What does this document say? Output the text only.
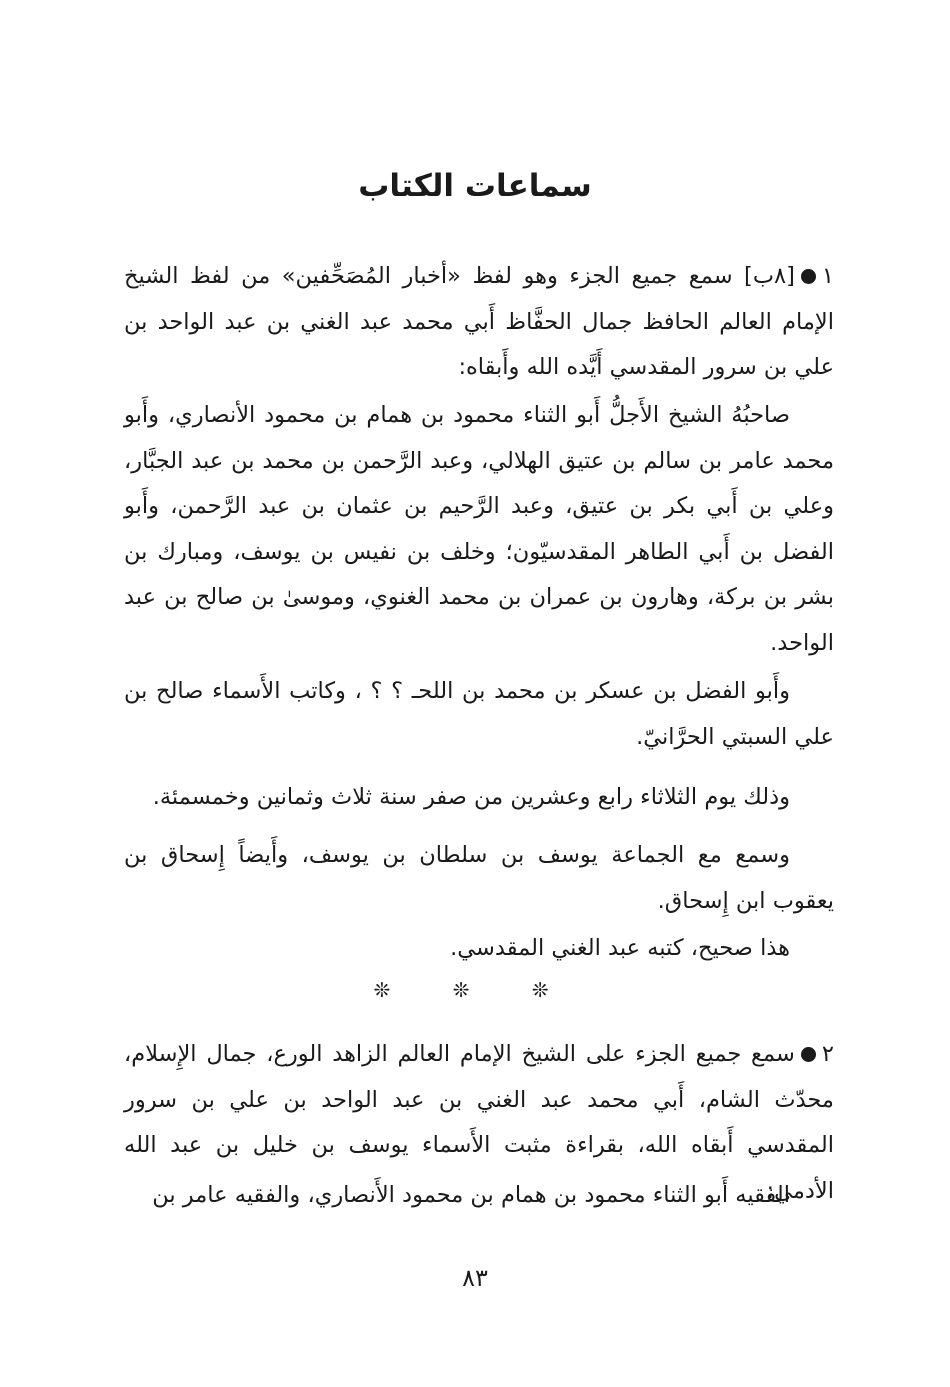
سماعات الكتاب

١[٨ب] سمع جميع الجزء وهو لفظ «أخبار المُصَحِّفين» من لفظ الشيخ الإمام العالم الحافظ جمال الحفَّاظ أَبي محمد عبد الغني بن عبد الواحد بن علي بن سرور المقدسي أَيَّده الله وأَبقاه:

صاحبُهُ الشيخ الأَجلُّ أَبو الثناء محمود بن همام بن محمود الأنصاري، وأَبو محمد عامر بن سالم بن عتيق الهلالي، وعبد الرَّحمن بن محمد بن عبد الجبَّار، وعلي بن أَبي بكر بن عتيق، وعبد الرَّحيم بن عثمان بن عبد الرَّحمن، وأَبو الفضل بن أَبي الطاهر المقدسيّون؛ وخلف بن نفيس بن يوسف، ومبارك بن بشر بن بركة، وهارون بن عمران بن محمد الغنوي، وموسىٰ بن صالح بن عبد الواحد.

وأَبو الفضل بن عسكر بن محمد بن اللحـ ؟ ؟ ، وكاتب الأَسماء صالح بن علي السبتي الحرَّانيّ.

وذلك يوم الثلاثاء رابع وعشرين من صفر سنة ثلاث وثمانين وخمسمئة.

وسمع مع الجماعة يوسف بن سلطان بن يوسف، وأَيضاً إِسحاق بن يعقوب ابن إِسحاق.

هذا صحيح، كتبه عبد الغني المقدسي.

❊ ❊ ❊

٢سمع جميع الجزء على الشيخ الإمام العالم الزاهد الورع، جمال الإِسلام، محدّث الشام، أَبي محمد عبد الغني بن عبد الواحد بن علي بن سرور المقدسي أَبقاه الله، بقراءة مثبت الأَسماء يوسف بن خليل بن عبد الله الأدمي:

الفقيه أَبو الثناء محمود بن همام بن محمود الأَنصاري، والفقيه عامر بن

٨٣
